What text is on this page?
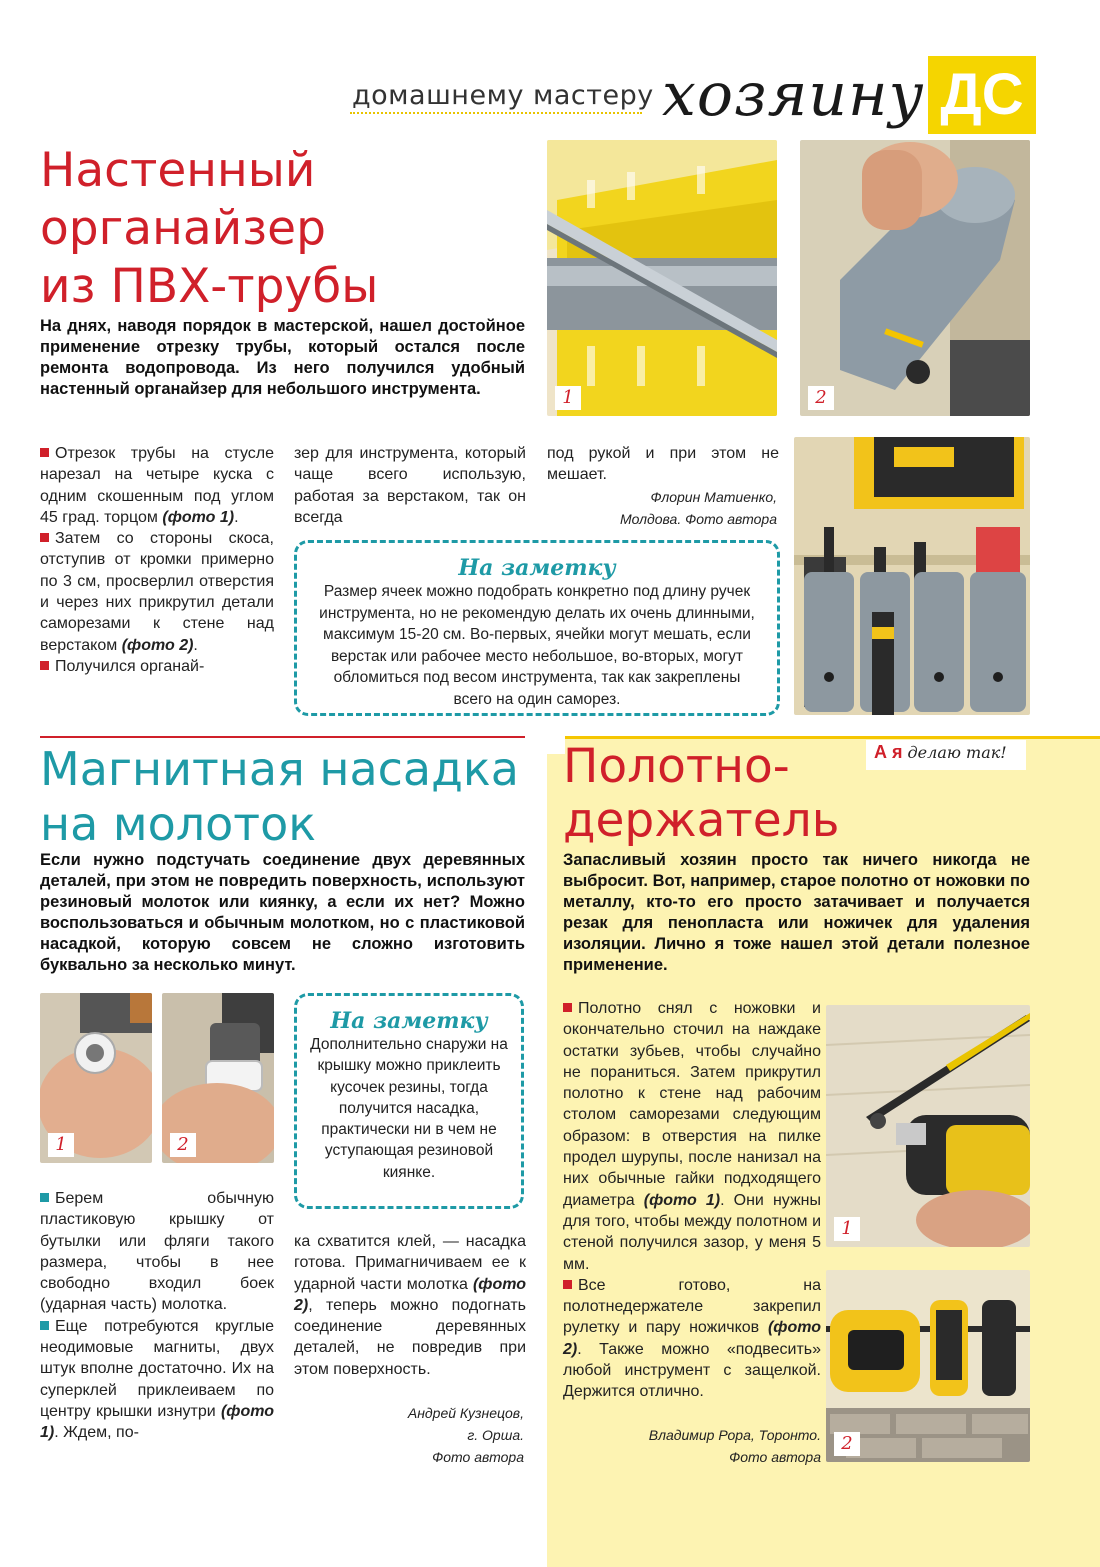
домашнему мастеру хозяину ДС
Настенный
органайзер
из ПВХ-трубы
На днях, наводя порядок в мастерской, нашел достойное применение отрезку трубы, который остался после ремонта водопровода. Из него получился удобный настенный органайзер для небольшого инструмента.	1	2

Отрезок трубы на стусле нарезал на четыре куска с одним скошенным под углом 45 град. торцом (фото 1).

Затем со стороны скоса, отступив от кромки примерно по 3 см, просверлил отверстия и через них прикрутил детали саморезами к стене над верстаком (фото 2).

Получился органай-

зер для инструмента, который чаще всего использую, работая за верстаком, так он всегда
под рукой и при этом не мешает.
Флорин Матиенко,
Молдова. Фото автора
На заметку
Размер ячеек можно подобрать конкретно под длину ручек инструмента, но не рекомендую делать их очень длинными, максимум 15-20 см. Во-первых, ячейки могут мешать, если верстак или рабочее место небольшое, во-вторых, могут обломиться под весом инструмента, так как закреплены всего на один саморез.
Магнитная насадка
на молоток
Если нужно подстучать соединение двух деревянных деталей, при этом не повредить поверхность, используют резиновый молоток или киянку, а если их нет? Можно воспользоваться и обычным молотком, но с пластиковой насадкой, которую совсем не сложно изготовить буквально за несколько минут.
1	2
На заметку
Дополнительно снаружи на крышку можно приклеить кусочек резины, тогда получится насадка, практически ни в чем не уступающая резиновой киянке.

Берем обычную пластиковую крышку от бутылки или фляги такого размера, чтобы в нее свободно входил боек (ударная часть) молотка.

Еще потребуются круглые неодимовые магниты, двух штук вполне достаточно. Их на суперклей приклеиваем по центру крышки изнутри (фото 1). Ждем, по-

ка схватится клей, — насадка готова. Примагничиваем ее к ударной части молотка (фото 2), теперь можно подогнать соединение деревянных деталей, не повредив при этом поверхность.
Андрей Кузнецов,
г. Орша.
Фото автора
А я делаю так!
Полотно-
держатель
Запасливый хозяин просто так ничего никогда не выбросит. Вот, например, старое полотно от ножовки по металлу, кто-то его просто затачивает и получается резак для пенопласта или ножичек для удаления изоляции. Лично я тоже нашел этой детали полезное применение.

Полотно снял с ножовки и окончательно сточил на наждаке остатки зубьев, чтобы случайно не пораниться. Затем прикрутил полотно к стене над рабочим столом саморезами следующим образом: в отверстия на пилке продел шурупы, после нанизал на них обычные гайки подходящего диаметра (фото 1). Они нужны для того, чтобы между полотном и стеной получился зазор, у меня 5 мм.

Все готово, на полотнедержателе закрепил рулетку и пару ножичков (фото 2). Также можно «подвесить» любой инструмент с защелкой. Держится отлично.

Владимир Рора, Торонто.
Фото автора
1
2
